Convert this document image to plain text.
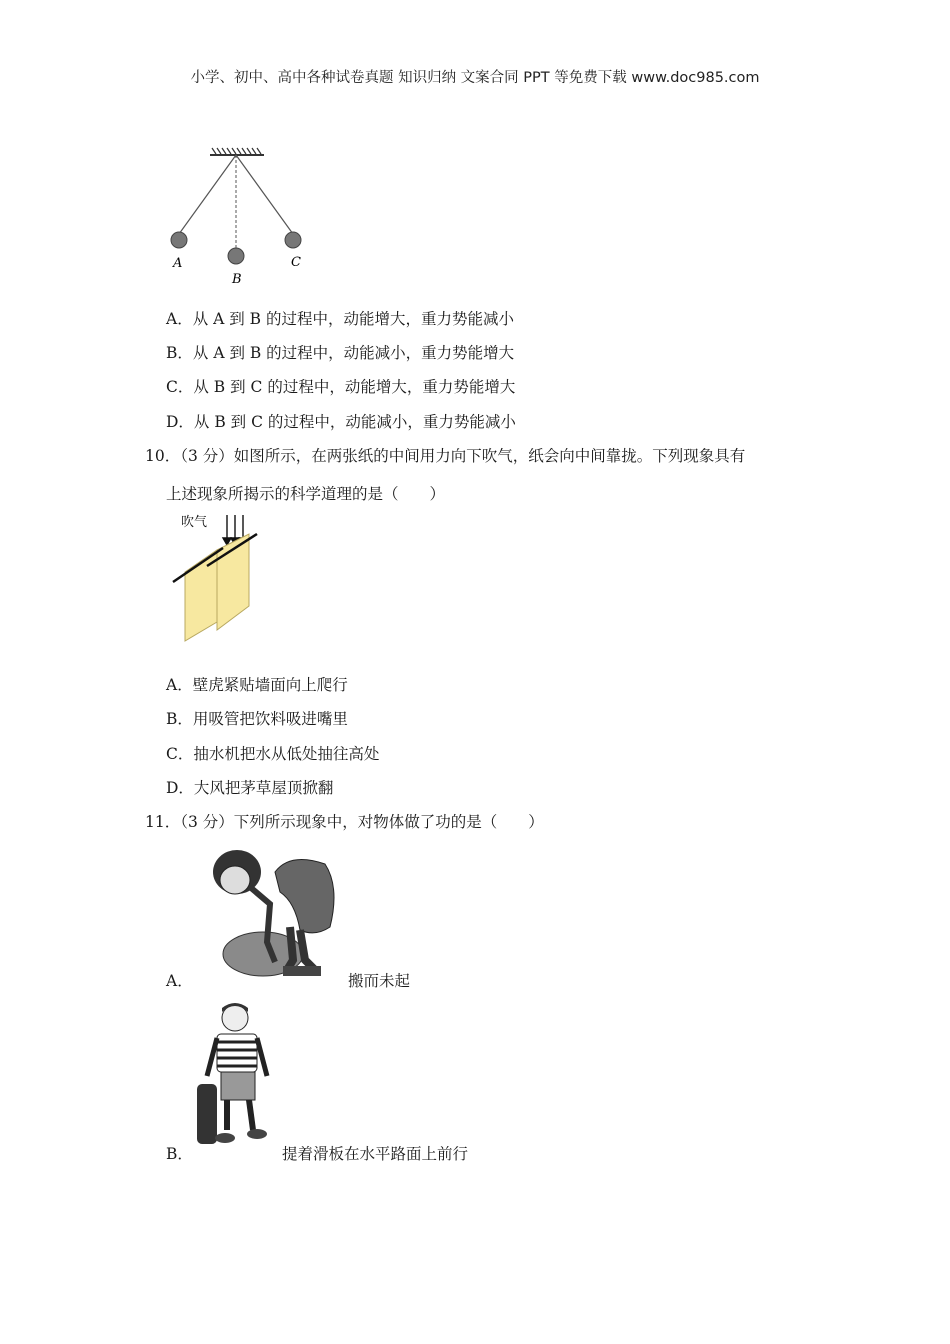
小学、初中、高中各种试卷真题 知识归纳 文案合同 PPT 等免费下载 www.doc985.com
A
B
C
A．从 A 到 B 的过程中，动能增大，重力势能减小
B．从 A 到 B 的过程中，动能减小，重力势能增大
C．从 B 到 C 的过程中，动能增大，重力势能增大
D．从 B 到 C 的过程中，动能减小，重力势能减小
10．（3 分）如图所示，在两张纸的中间用力向下吹气，纸会向中间靠拢。下列现象具有
上述现象所揭示的科学道理的是（　　）
吹气
A．壁虎紧贴墙面向上爬行
B．用吸管把饮料吸进嘴里
C．抽水机把水从低处抽往高处
D．大风把茅草屋顶掀翻
11．（3 分）下列所示现象中，对物体做了功的是（　　）
A．	搬而未起
B．	提着滑板在水平路面上前行
